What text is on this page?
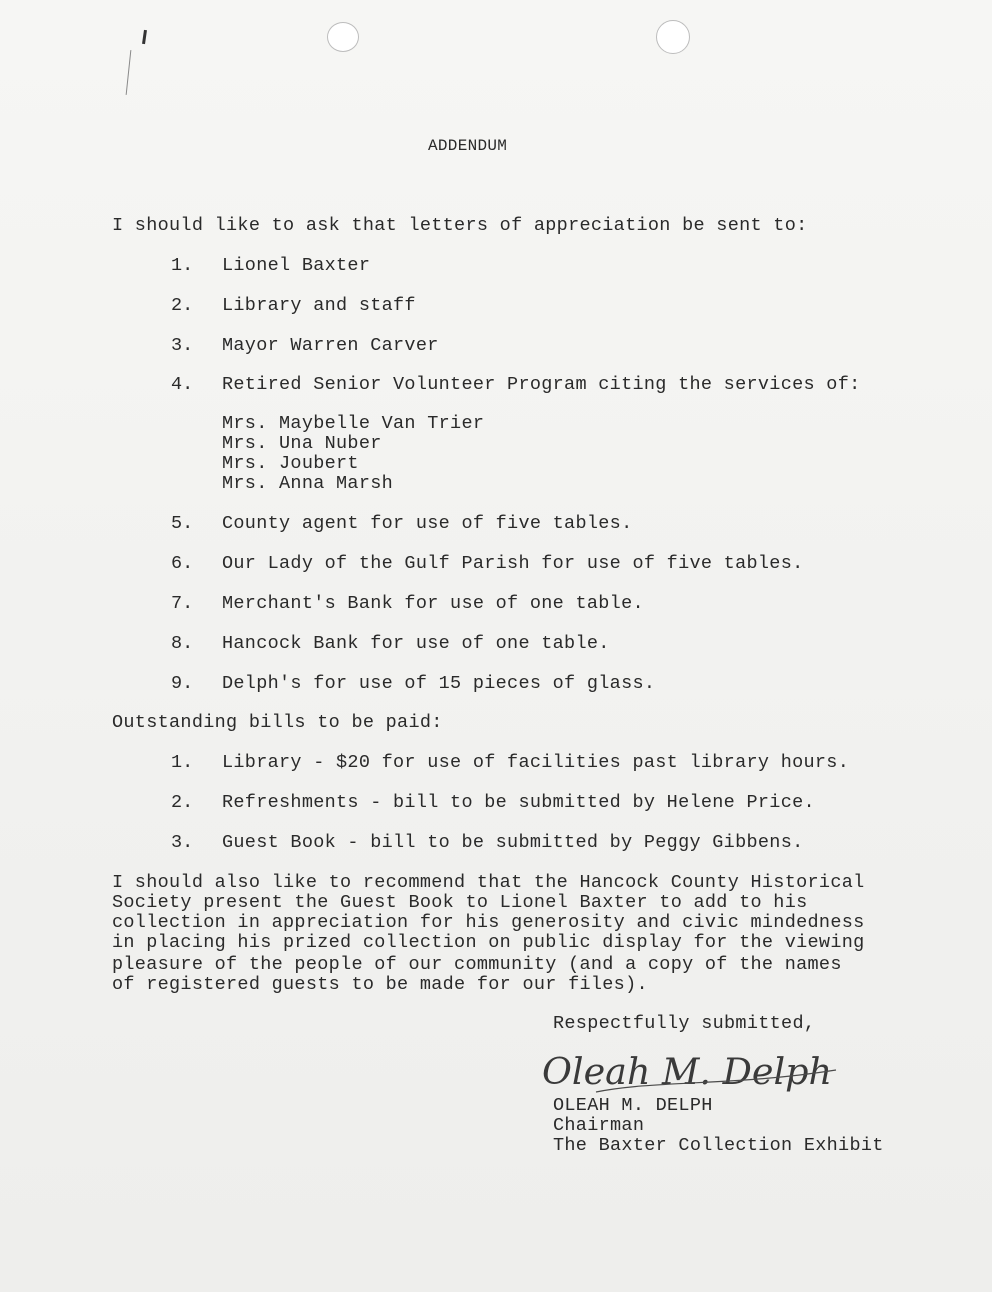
ADDENDUM
I should like to ask that letters of appreciation be sent to:
1. Lionel Baxter
2. Library and staff
3. Mayor Warren Carver
4. Retired Senior Volunteer Program citing the services of:
Mrs. Maybelle Van Trier
Mrs. Una Nuber
Mrs. Joubert
Mrs. Anna Marsh
5. County agent for use of five tables.
6. Our Lady of the Gulf Parish for use of five tables.
7. Merchant's Bank for use of one table.
8. Hancock Bank for use of one table.
9. Delph's for use of 15 pieces of glass.
Outstanding bills to be paid:
1. Library - $20 for use of facilities past library hours.
2. Refreshments - bill to be submitted by Helene Price.
3. Guest Book - bill to be submitted by Peggy Gibbens.
I should also like to recommend that the Hancock County Historical
Society present the Guest Book to Lionel Baxter to add to his
collection in appreciation for his generosity and civic mindedness
in placing his prized collection on public display for the viewing
pleasure of the people of our community (and a copy of the names
of registered guests to be made for our files).
Respectfully submitted,
Oleah M. Delph
OLEAH M. DELPH
Chairman
The Baxter Collection Exhibit
